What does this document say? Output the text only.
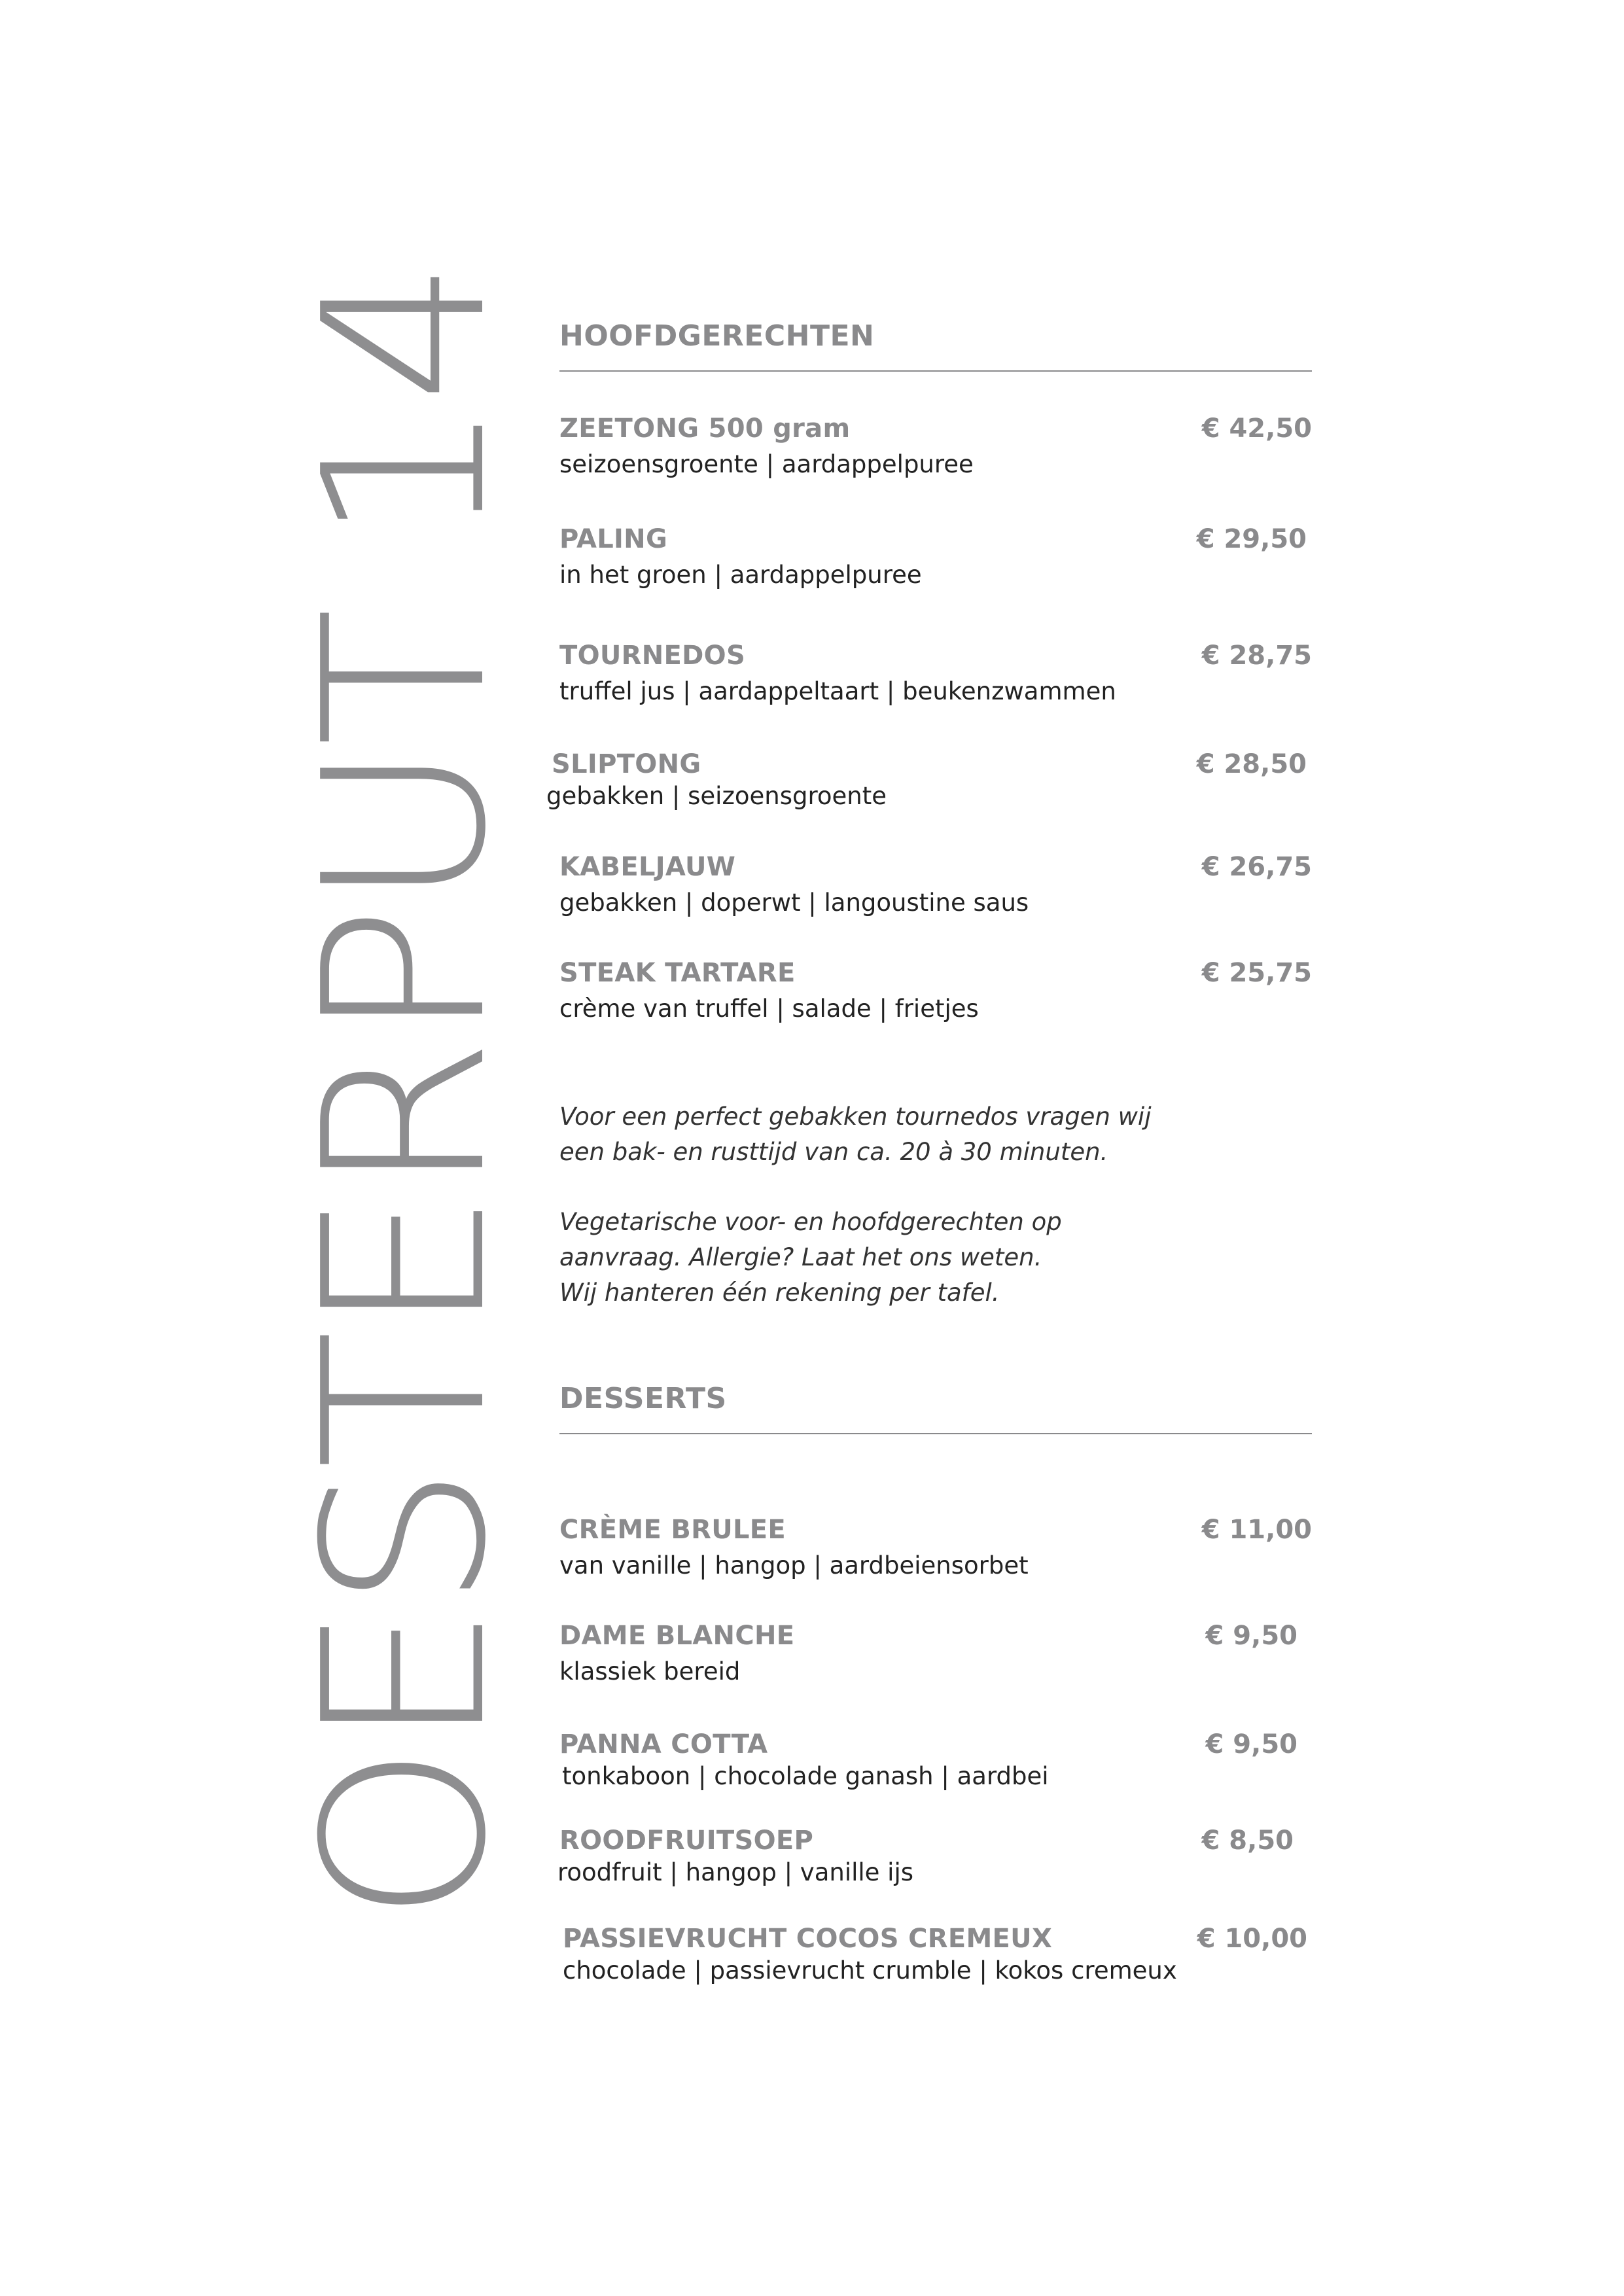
OESTERPUT 14 HOOFDGERECHTEN
ZEETONG 500 gram	€ 42,50
seizoensgroente | aardappelpuree
PALING	€ 29,50
in het groen | aardappelpuree
TOURNEDOS	€ 28,75
truffel jus | aardappeltaart | beukenzwammen
SLIPTONG	€ 28,50
gebakken | seizoensgroente
KABELJAUW	€ 26,75
gebakken | doperwt | langoustine saus
STEAK TARTARE	€ 25,75
crème van truffel | salade | frietjes

Voor een perfect gebakken tournedos vragen wij

een bak- en rusttijd van ca. 20 à 30 minuten.

Vegetarische voor- en hoofdgerechten op

aanvraag. Allergie? Laat het ons weten.

Wij hanteren één rekening per tafel.

DESSERTS
CRÈME BRULEE	€ 11,00
van vanille | hangop | aardbeiensorbet
DAME BLANCHE	€ 9,50
klassiek bereid
PANNA COTTA	€ 9,50
tonkaboon | chocolade ganash | aardbei
ROODFRUITSOEP	€ 8,50
roodfruit | hangop | vanille ijs
PASSIEVRUCHT COCOS CREMEUX	€ 10,00
chocolade | passievrucht crumble | kokos cremeux
